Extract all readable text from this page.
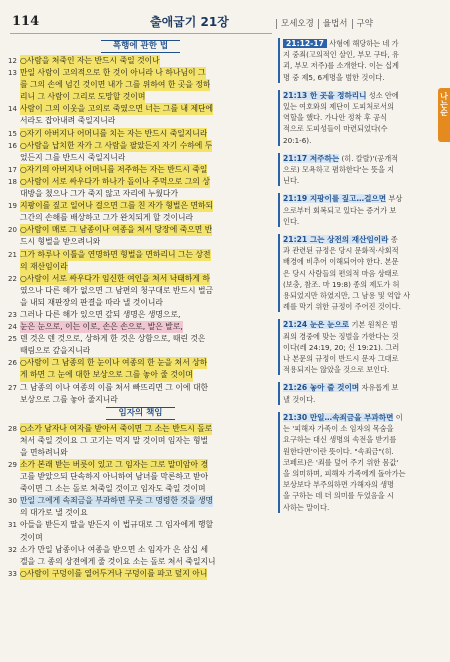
114	출애굽기 21장	모세오경	율법서	구약
폭행에 관한 법
12 ○사람을 쳐죽인 자는 반드시 죽일 것이나
13 만일 사람이 고의적으로 한 것이 아니라 나 하나님이 그
를 그의 손에 넘긴 것이면 내가 그를 위하여 한 곳을 정하
리니 그 사람이 그리로 도망할 것이며
14 사람이 그의 이웃을 고의로 죽였으면 너는 그를 내 제단에
서라도 잡아내려 죽일지니라
15 ○자기 아버지나 어머니를 치는 자는 반드시 죽일지니라
16 ○사람을 납치한 자가 그 사람을 팔았든지 자기 수하에 두
었든지 그를 반드시 죽일지니라
17 ○자기의 아버지나 어머니를 저주하는 자는 반드시 죽일
18 ○사람이 서로 싸우다가 하나가 돌이나 주먹으로 그의 상
대방을 쳤으나 그가 죽지 않고 자리에 누웠다가
19 지팡이를 짚고 일어나 걸으면 그를 친 자가 형벌은 면하되
그간의 손해를 배상하고 그가 완치되게 할 것이니라
20 ○사람이 매로 그 남종이나 여종을 쳐서 당장에 죽으면 반
드시 형벌을 받으려니와
21 그가 하루나 이틀을 연명하면 형벌을 면하리니 그는 상전
의 재산임이라
22 ○사람이 서로 싸우다가 임신한 여인을 쳐서 낙태하게 하
였으나 다른 해가 없으면 그 남편의 청구대로 반드시 벌금
을 내되 재판장의 판결을 따라 낼 것이니라
23 그러나 다른 해가 있으면 갚되 생명은 생명으로,
24 눈은 눈으로, 이는 이로, 손은 손으로, 발은 발로,
25 덴 것은 덴 것으로, 상하게 한 것은 상함으로, 때린 것은
때림으로 갚을지니라
26 ○사람이 그 남종의 한 눈이나 여종의 한 눈을 쳐서 상하
게 하면 그 눈에 대한 보상으로 그를 놓아 줄 것이며
27 그 남종의 이나 여종의 이를 쳐서 빠뜨리면 그 이에 대한
보상으로 그를 놓아 줄지니라
임자의 책임
28 ○소가 남자나 여자를 받아서 죽이면 그 소는 반드시 돌로
쳐서 죽일 것이요 그 고기는 먹지 말 것이며 임자는 형벌
을 면하려니와
29 소가 본래 받는 버릇이 있고 그 임자는 그로 말미암아 경
고를 받았으되 단속하지 아니하여 남녀를 막론하고 받아
죽이면 그 소는 돌로 쳐죽일 것이고 임자도 죽일 것이며
30 만일 그에게 속죄금을 부과하면 무릇 그 명령한 것을 생명
의 대가로 낼 것이요
31 아들을 받든지 딸을 받든지 이 법규대로 그 임자에게 행할
것이며
32 소가 만일 남종이나 여종을 받으면 소 임자가 은 삼십 세
겔을 그 종의 상전에게 줄 것이요 소는 돌로 쳐서 죽일지니
33 ○사람이 구덩이를 열어두거나 구덩이를 파고 덮지 아니
21:12-17 사형에 해당하는 네 가
지 중죄(고의적인 살인, 부모 구타, 유
괴, 부모 저주)를 소개한다. 이는 십계
명 중 제5, 6계명을 범한 것이다.
21:13 한 곳을 정하리니 성소 안에
있는 여호와의 제단이 도피처로서의
역할을 했다. 가나안 정착 후 공식
적으로 도피성들이 마련되었다(수
20:1-6).
21:17 저주하는 (히. 칼랄)'(공개적
으로) 모욕하고 폄하한다'는 뜻을 지
닌다.
21:19 지팡이를 짚고…걸으면 부상
으로부터 회복되고 있다는 증거가 보
인다.
21:21 그는 상전의 재산임이라 종
과 관련된 규정은 당시 문화적·사회적
배경에 비추어 이해되어야 한다. 본문
은 당시 사람들의 편의적 마음 상태로
(보충, 참조. 마 19:8) 종의 제도가 허
용되었지만 하였지만, 그 남용 및 억압 사
례를 막기 위한 규정이 주어진 것이다.
21:24 눈은 눈으로 기본 원칙은 범
죄의 경중에 맞는 징벌을 가한다는 것
이다(레 24:19, 20; 신 19:21). 그러
나 본문의 규정이 반드시 문자 그대로
적용되지는 않았을 것으로 보인다.
21:26 놓아 줄 것이며 자유롭게 보
낼 것이다.
21:30 만일…속죄금을 부과하면 이
는 '피해자 가족이 소 임자의 목숨을
요구하는 대신 생명의 속전을 받기를
원한다면'이란 뜻이다. "속죄금"(히.
코페르)은 '죄를 덮어 주기 위한 몸값'
을 의미하며, 피해자 가족에게 돌아가는
보상보다 부주의하면 가해자의 생명
을 구하는 데 더 의미를 두었음을 시
사하는 말이다.
나는순
